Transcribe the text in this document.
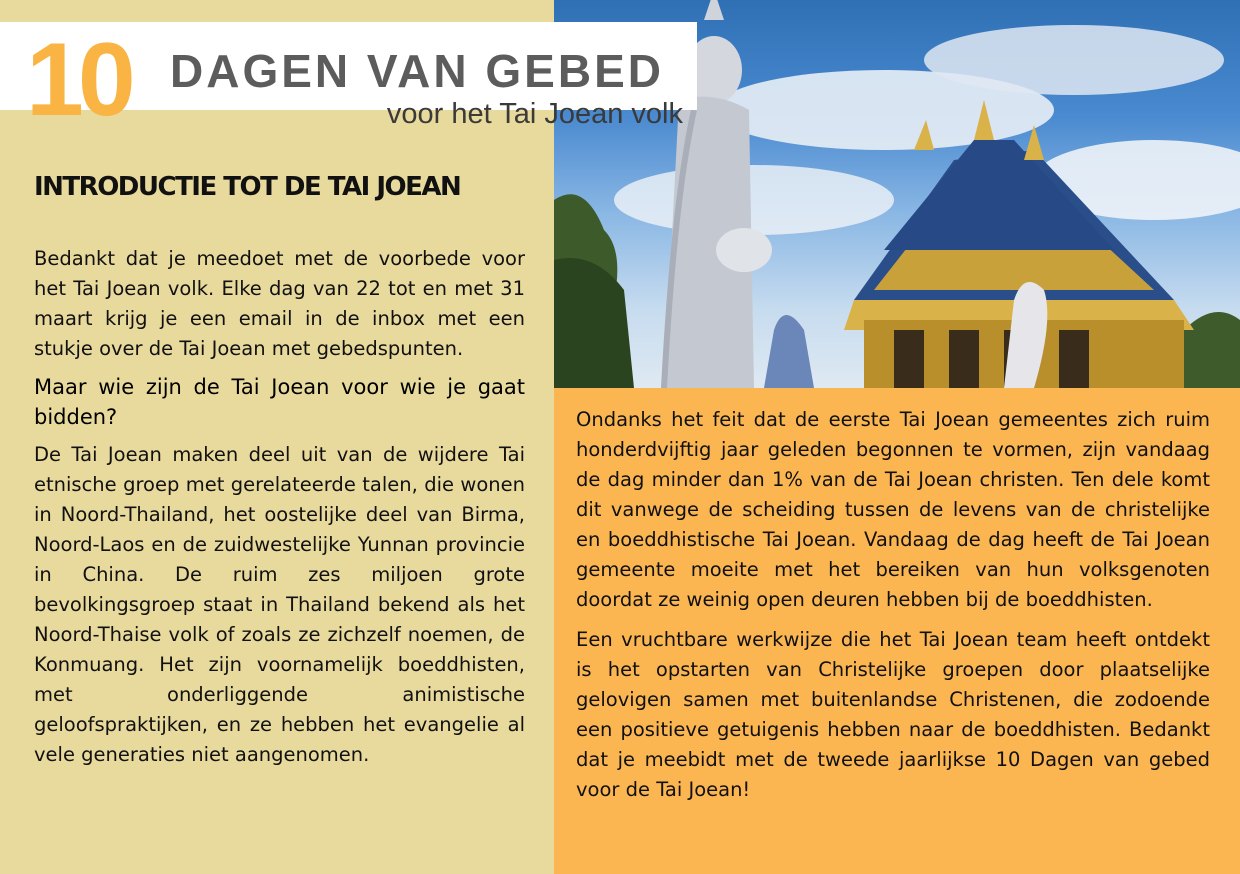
10 DAGEN VAN GEBED
voor het Tai Joean volk
INTRODUCTIE TOT DE TAI JOEAN

Bedankt dat je meedoet met de voorbede voor het Tai Joean volk. Elke dag van 22 tot en met 31 maart krijg je een email in de inbox met een stukje over de Tai Joean met gebedspunten.

Maar wie zijn de Tai Joean voor wie je gaat bidden?

De Tai Joean maken deel uit van de wijdere Tai etnische groep met gerelateerde talen, die wonen in Noord-Thailand, het oostelijke deel van Birma, Noord-Laos en de zuidwestelijke Yunnan provincie in China. De ruim zes miljoen grote bevolkingsgroep staat in Thailand bekend als het Noord-Thaise volk of zoals ze zichzelf noemen, de Konmuang. Het zijn voornamelijk boeddhisten, met onderliggende animistische geloofspraktijken, en ze hebben het evangelie al vele generaties niet aangenomen.

Ondanks het feit dat de eerste Tai Joean gemeentes zich ruim honderdvijftig jaar geleden begonnen te vormen, zijn vandaag de dag minder dan 1% van de Tai Joean christen. Ten dele komt dit vanwege de scheiding tussen de levens van de christelijke en boeddhistische Tai Joean. Vandaag de dag heeft de Tai Joean gemeente moeite met het bereiken van hun volksgenoten doordat ze weinig open deuren hebben bij de boeddhisten.

Een vruchtbare werkwijze die het Tai Joean team heeft ontdekt is het opstarten van Christelijke groepen door plaatselijke gelovigen samen met buitenlandse Christenen, die zodoende een positieve getuigenis hebben naar de boeddhisten. Bedankt dat je meebidt met de tweede jaarlijkse 10 Dagen van gebed voor de Tai Joean!
